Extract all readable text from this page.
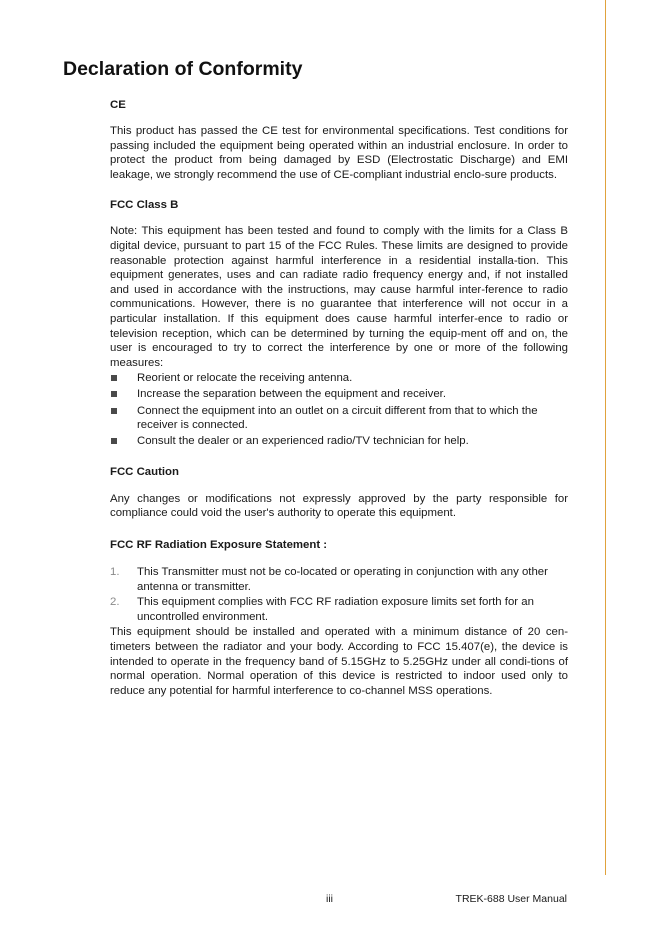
Declaration of Conformity
CE

This product has passed the CE test for environmental specifications. Test conditions for passing included the equipment being operated within an industrial enclosure. In order to protect the product from being damaged by ESD (Electrostatic Discharge) and EMI leakage, we strongly recommend the use of CE-compliant industrial enclo-sure products.

FCC Class B

Note: This equipment has been tested and found to comply with the limits for a Class B digital device, pursuant to part 15 of the FCC Rules. These limits are designed to provide reasonable protection against harmful interference in a residential installa-tion. This equipment generates, uses and can radiate radio frequency energy and, if not installed and used in accordance with the instructions, may cause harmful inter-ference to radio communications. However, there is no guarantee that interference will not occur in a particular installation. If this equipment does cause harmful interfer-ence to radio or television reception, which can be determined by turning the equip-ment off and on, the user is encouraged to try to correct the interference by one or more of the following measures:

Reorient or relocate the receiving antenna.
Increase the separation between the equipment and receiver.
Connect the equipment into an outlet on a circuit different from that to which the receiver is connected.
Consult the dealer or an experienced radio/TV technician for help.
FCC Caution

Any changes or modifications not expressly approved by the party responsible for compliance could void the user's authority to operate this equipment.

FCC RF Radiation Exposure Statement :
1. This Transmitter must not be co-located or operating in conjunction with any other antenna or transmitter.
2. This equipment complies with FCC RF radiation exposure limits set forth for an uncontrolled environment.

This equipment should be installed and operated with a minimum distance of 20 cen-timeters between the radiator and your body. According to FCC 15.407(e), the device is intended to operate in the frequency band of 5.15GHz to 5.25GHz under all condi-tions of normal operation. Normal operation of this device is restricted to indoor used only to reduce any potential for harmful interference to co-channel MSS operations.

iii	TREK-688 User Manual
